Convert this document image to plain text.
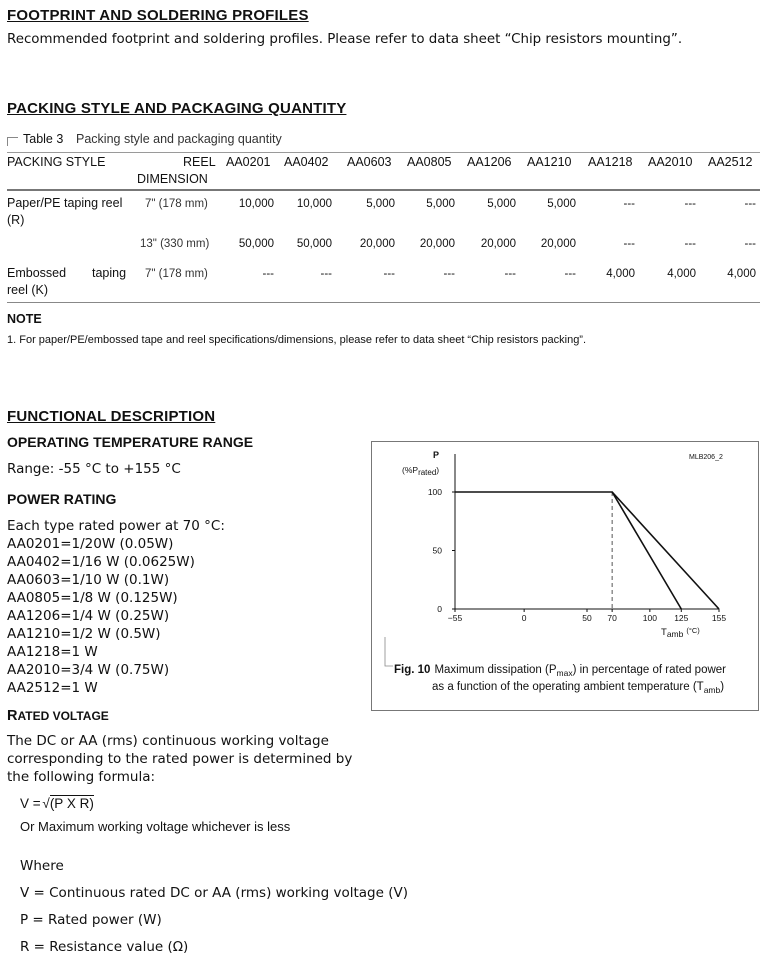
FOOTPRINT AND SOLDERING PROFILES
Recommended footprint and soldering profiles. Please refer to data sheet “Chip resistors mounting”.
PACKING STYLE AND PACKAGING QUANTITY
Table 3 Packing style and packaging quantity
PACKING STYLE	REEL
DIMENSION
AA0201 AA0402 AA0603 AA0805 AA1206 AA1210 AA1218 AA2010 AA2512
Paper/PE taping reel
(R)
7" (178 mm)	10,000	10,000	5,000	5,000	5,000	5,000	---	---	---
13" (330 mm)	50,000	50,000	20,000	20,000	20,000	20,000	---	---	---
Embossed taping
reel (K)
7" (178 mm)	---	---	---	---	---	---	4,000	4,000	4,000
NOTE
1. For paper/PE/embossed tape and reel specifications/dimensions, please refer to data sheet “Chip resistors packing”.
FUNCTIONAL DESCRIPTION
OPERATING TEMPERATURE RANGE
Range: -55 °C to +155 °C
POWER RATING
Each type rated power at 70 °C:
AA0201=1/20W (0.05W)
AA0402=1/16 W (0.0625W)
AA0603=1/10 W (0.1W)
AA0805=1/8 W (0.125W)
AA1206=1/4 W (0.25W)
AA1210=1/2 W (0.5W)
AA1218=1 W
AA2010=3/4 W (0.75W)
AA2512=1 W
RATED VOLTAGE
The DC or AA (rms) continuous working voltage
corresponding to the rated power is determined by
the following formula:
V = √(P X R)
Or Maximum working voltage whichever is less
Where
V = Continuous rated DC or AA (rms) working voltage (V)
P = Rated power (W)
R = Resistance value (Ω)
100
50
0
−55	0	50 70	100 125	155
MLB206_2
P
(%Prated)
Tamb $^{(^\circ C)}$
Fig. 10 Maximum dissipation $(P_{max})$ in percentage of rated power
as a function of the operating ambient temperature $(T_{amb})$
